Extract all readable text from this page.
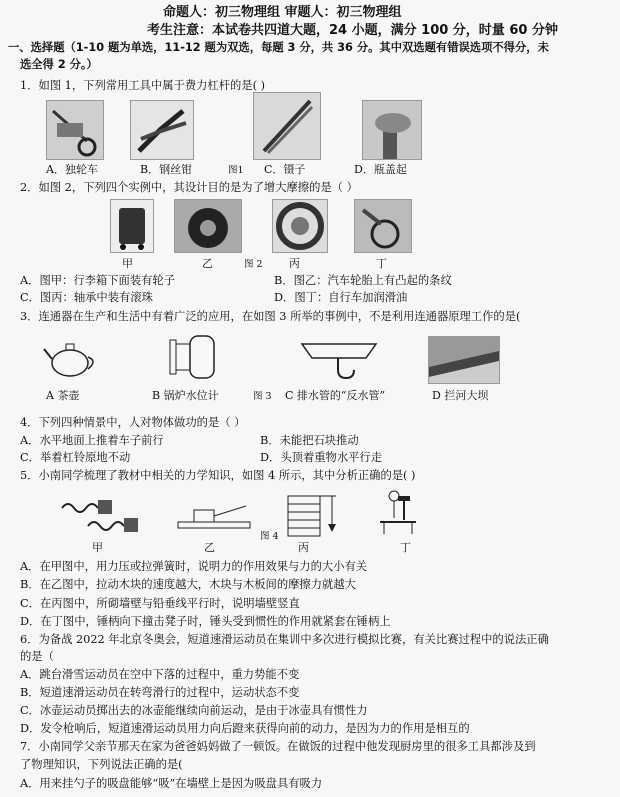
命题人：初三物理组 审题人：初三物理组
考生注意：本试卷共四道大题，24 小题，满分 100 分，时量 60 分钟
一、选择题（1-10 题为单选，11-12 题为双选，每题 3 分，共 36 分。其中双选题有错误选项不得分，未
选全得 2 分。）
1．如图 1，下列常用工具中属于费力杠杆的是( )
A．独轮车	B．钢丝钳	图1 C．镊子	D．瓶盖起
2．如图 2，下列四个实例中，其设计目的是为了增大摩擦的是（ ）
甲	乙	图 2 丙	丁
A．图甲：行李箱下面装有轮子	B．图乙：汽车轮胎上有凸起的条纹
C．图丙：轴承中装有滚珠	D．图丁：自行车加润滑油
3．连通器在生产和生活中有着广泛的应用，在如图 3 所举的事例中，不是利用连通器原理工作的是(
A 茶壶	B 锅炉水位计	图 3 C 排水管的“反水管”	D 拦河大坝
4．下列四种情景中，人对物体做功的是（ ）
A．水平地面上推着车子前行	B．未能把石块推动
C．举着杠铃原地不动	D．头顶着重物水平行走
5．小南同学梳理了教材中相关的力学知识，如图 4 所示，其中分析正确的是( )
甲	乙
图 4
丙	丁
A．在甲图中，用力压或拉弹簧时，说明力的作用效果与力的大小有关
B．在乙图中，拉动木块的速度越大，木块与木板间的摩擦力就越大
C．在丙图中，所砌墙壁与铅垂线平行时，说明墙壁竖直
D．在丁图中，锤柄向下撞击凳子时，锤头受到惯性的作用就紧套在锤柄上
6．为备战 2022 年北京冬奥会，短道速滑运动员在集训中多次进行模拟比赛，有关比赛过程中的说法正确
的是（
A．跳台滑雪运动员在空中下落的过程中，重力势能不变
B．短道速滑运动员在转弯滑行的过程中，运动状态不变
C．冰壶运动员掷出去的冰壶能继续向前运动，是由于冰壶具有惯性力
D．发令枪响后，短道速滑运动员用力向后蹬来获得向前的动力，是因为力的作用是相互的
7．小南同学父亲节那天在家为爸爸妈妈做了一顿饭。在做饭的过程中他发现厨房里的很多工具都涉及到
了物理知识，下列说法正确的是(
A．用来挂勺子的吸盘能够“吸”在墙壁上是因为吸盘具有吸力
